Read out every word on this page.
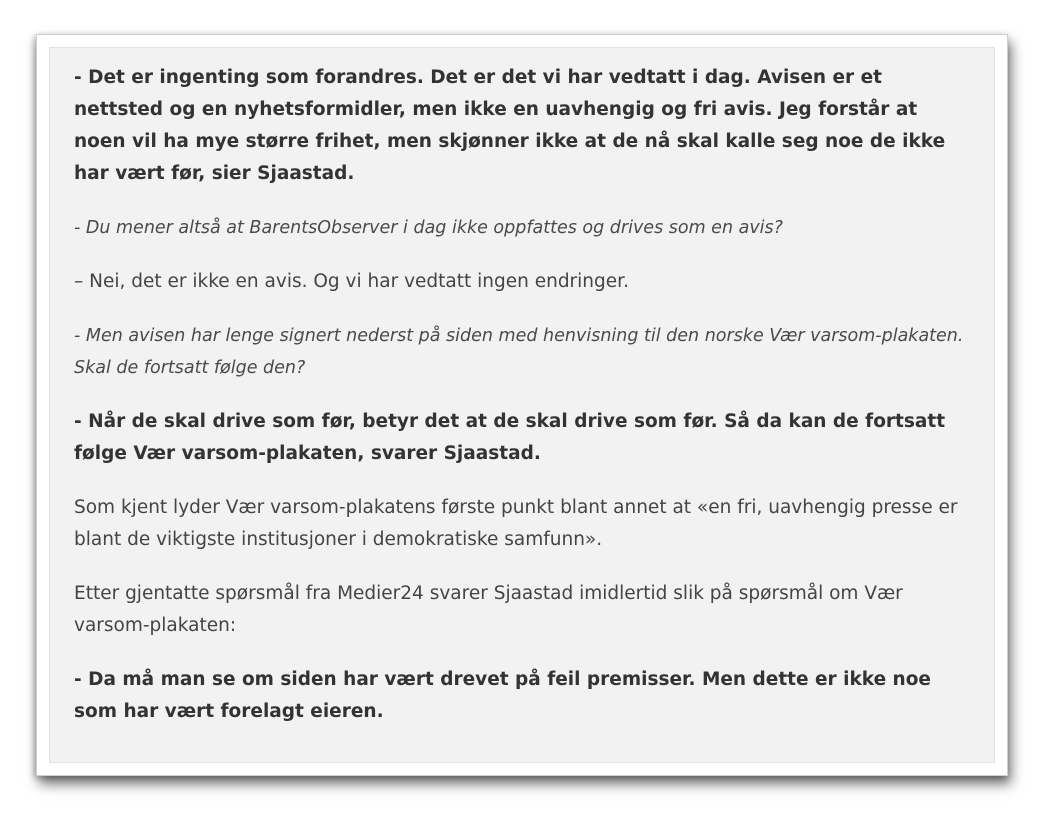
- Det er ingenting som forandres. Det er det vi har vedtatt i dag. Avisen er et nettsted og en nyhetsformidler, men ikke en uavhengig og fri avis. Jeg forstår at noen vil ha mye større frihet, men skjønner ikke at de nå skal kalle seg noe de ikke har vært før, sier Sjaastad.

- Du mener altså at BarentsObserver i dag ikke oppfattes og drives som en avis?

– Nei, det er ikke en avis. Og vi har vedtatt ingen endringer.

- Men avisen har lenge signert nederst på siden med henvisning til den norske Vær varsom-plakaten. Skal de fortsatt følge den?

- Når de skal drive som før, betyr det at de skal drive som før. Så da kan de fortsatt følge Vær varsom-plakaten, svarer Sjaastad.

Som kjent lyder Vær varsom-plakatens første punkt blant annet at «en fri, uavhengig presse er blant de viktigste institusjoner i demokratiske samfunn».

Etter gjentatte spørsmål fra Medier24 svarer Sjaastad imidlertid slik på spørsmål om Vær varsom-plakaten:

- Da må man se om siden har vært drevet på feil premisser. Men dette er ikke noe som har vært forelagt eieren.
